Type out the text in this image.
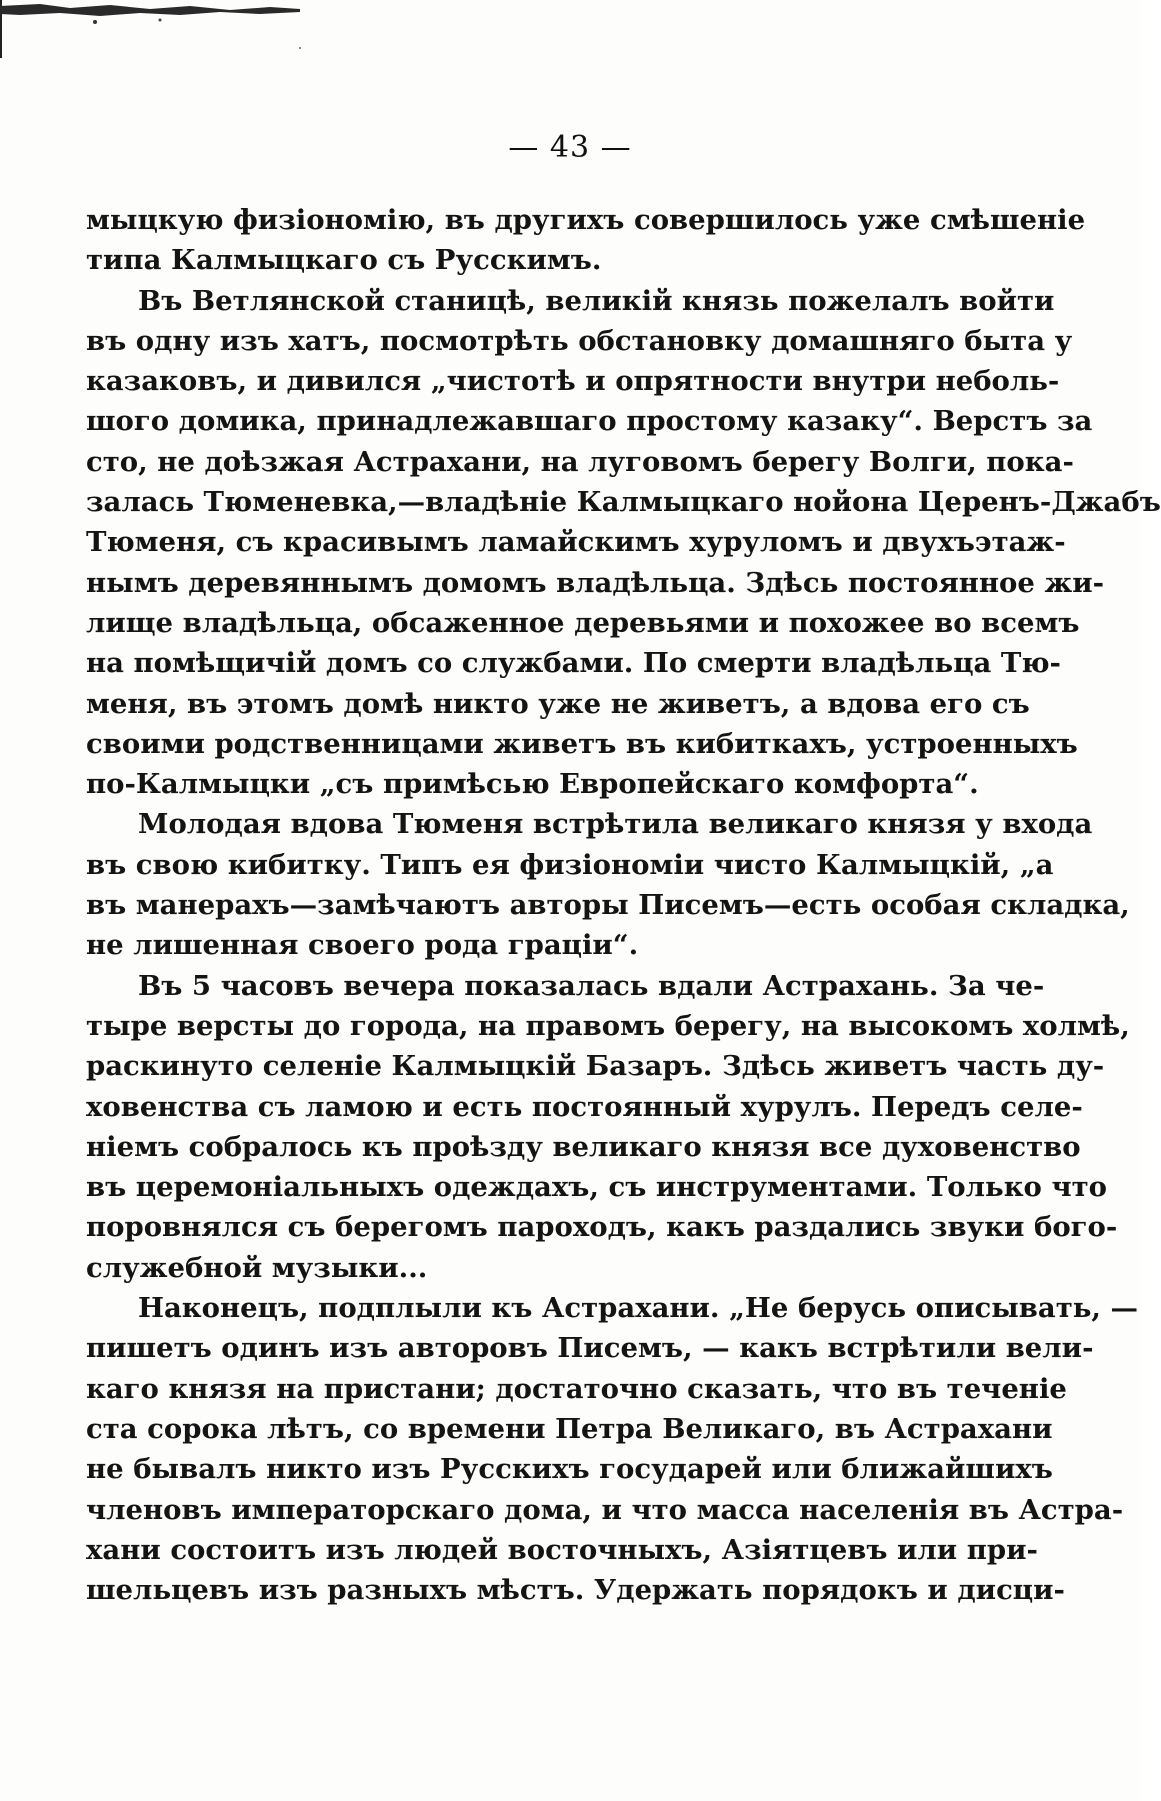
— 43 —
мыцкую физіономію, въ другихъ совершилось уже смѣшеніе
типа Калмыцкаго съ Русскимъ.
Въ Ветлянской станицѣ, великій князь пожелалъ войти
въ одну изъ хатъ, посмотрѣть обстановку домашняго быта у
казаковъ, и дивился „чистотѣ и опрятности внутри неболь-
шого домика, принадлежавшаго простому казаку“. Верстъ за
сто, не доѣзжая Астрахани, на луговомъ берегу Волги, пока-
залась Тюменевка,—владѣніе Калмыцкаго нойона Церенъ-Джабъ
Тюменя, съ красивымъ ламайскимъ хуруломъ и двухъэтаж-
нымъ деревяннымъ домомъ владѣльца. Здѣсь постоянное жи-
лище владѣльца, обсаженное деревьями и похожее во всемъ
на помѣщичій домъ со службами. По смерти владѣльца Тю-
меня, въ этомъ домѣ никто уже не живетъ, а вдова его съ
своими родственницами живетъ въ кибиткахъ, устроенныхъ
по-Калмыцки „съ примѣсью Европейскаго комфорта“.
Молодая вдова Тюменя встрѣтила великаго князя у входа
въ свою кибитку. Типъ ея физіономіи чисто Калмыцкій, „а
въ манерахъ—замѣчаютъ авторы Писемъ—есть особая складка,
не лишенная своего рода граціи“.
Въ 5 часовъ вечера показалась вдали Астрахань. За че-
тыре версты до города, на правомъ берегу, на высокомъ холмѣ,
раскинуто селеніе Калмыцкій Базаръ. Здѣсь живетъ часть ду-
ховенства съ ламою и есть постоянный хурулъ. Передъ селе-
ніемъ собралось къ проѣзду великаго князя все духовенство
въ церемоніальныхъ одеждахъ, съ инструментами. Только что
поровнялся съ берегомъ пароходъ, какъ раздались звуки бого-
служебной музыки...
Наконецъ, подплыли къ Астрахани. „Не берусь описывать, —
пишетъ одинъ изъ авторовъ Писемъ, — какъ встрѣтили вели-
каго князя на пристани; достаточно сказать, что въ теченіе
ста сорока лѣтъ, со времени Петра Великаго, въ Астрахани
не бывалъ никто изъ Русскихъ государей или ближайшихъ
членовъ императорскаго дома, и что масса населенія въ Астра-
хани состоитъ изъ людей восточныхъ, Азіятцевъ или при-
шельцевъ изъ разныхъ мѣстъ. Удержать порядокъ и дисци-
